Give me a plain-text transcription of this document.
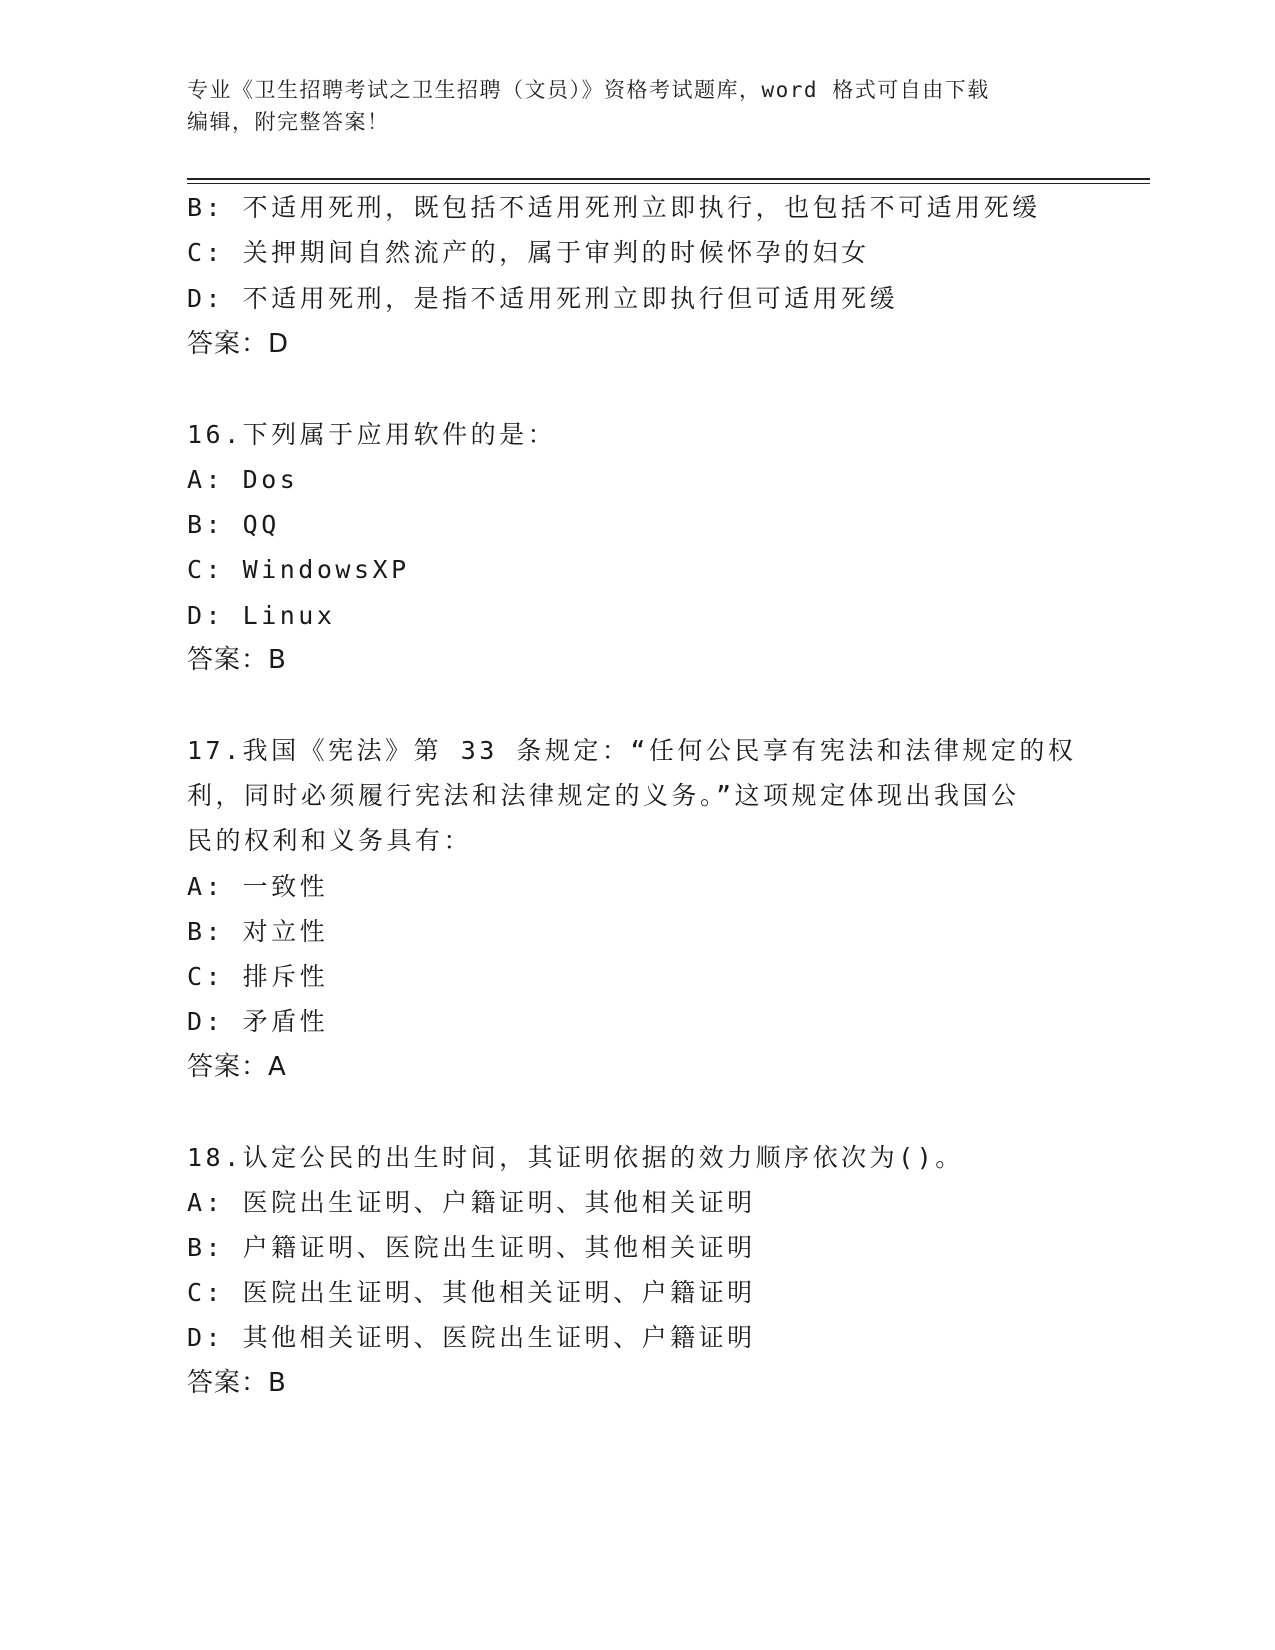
专业《卫生招聘考试之卫生招聘（文员）》资格考试题库，word 格式可自由下载
编辑，附完整答案！
B: 不适用死刑，既包括不适用死刑立即执行，也包括不可适用死缓
C: 关押期间自然流产的，属于审判的时候怀孕的妇女
D: 不适用死刑，是指不适用死刑立即执行但可适用死缓
答案：D
16.下列属于应用软件的是：
A: Dos
B: QQ
C: WindowsXP
D: Linux
答案：B
17.我国《宪法》第 33 条规定：“任何公民享有宪法和法律规定的权
利，同时必须履行宪法和法律规定的义务。”这项规定体现出我国公
民的权利和义务具有：
A: 一致性
B: 对立性
C: 排斥性
D: 矛盾性
答案：A
18.认定公民的出生时间，其证明依据的效力顺序依次为()。
A: 医院出生证明、户籍证明、其他相关证明
B: 户籍证明、医院出生证明、其他相关证明
C: 医院出生证明、其他相关证明、户籍证明
D: 其他相关证明、医院出生证明、户籍证明
答案：B
